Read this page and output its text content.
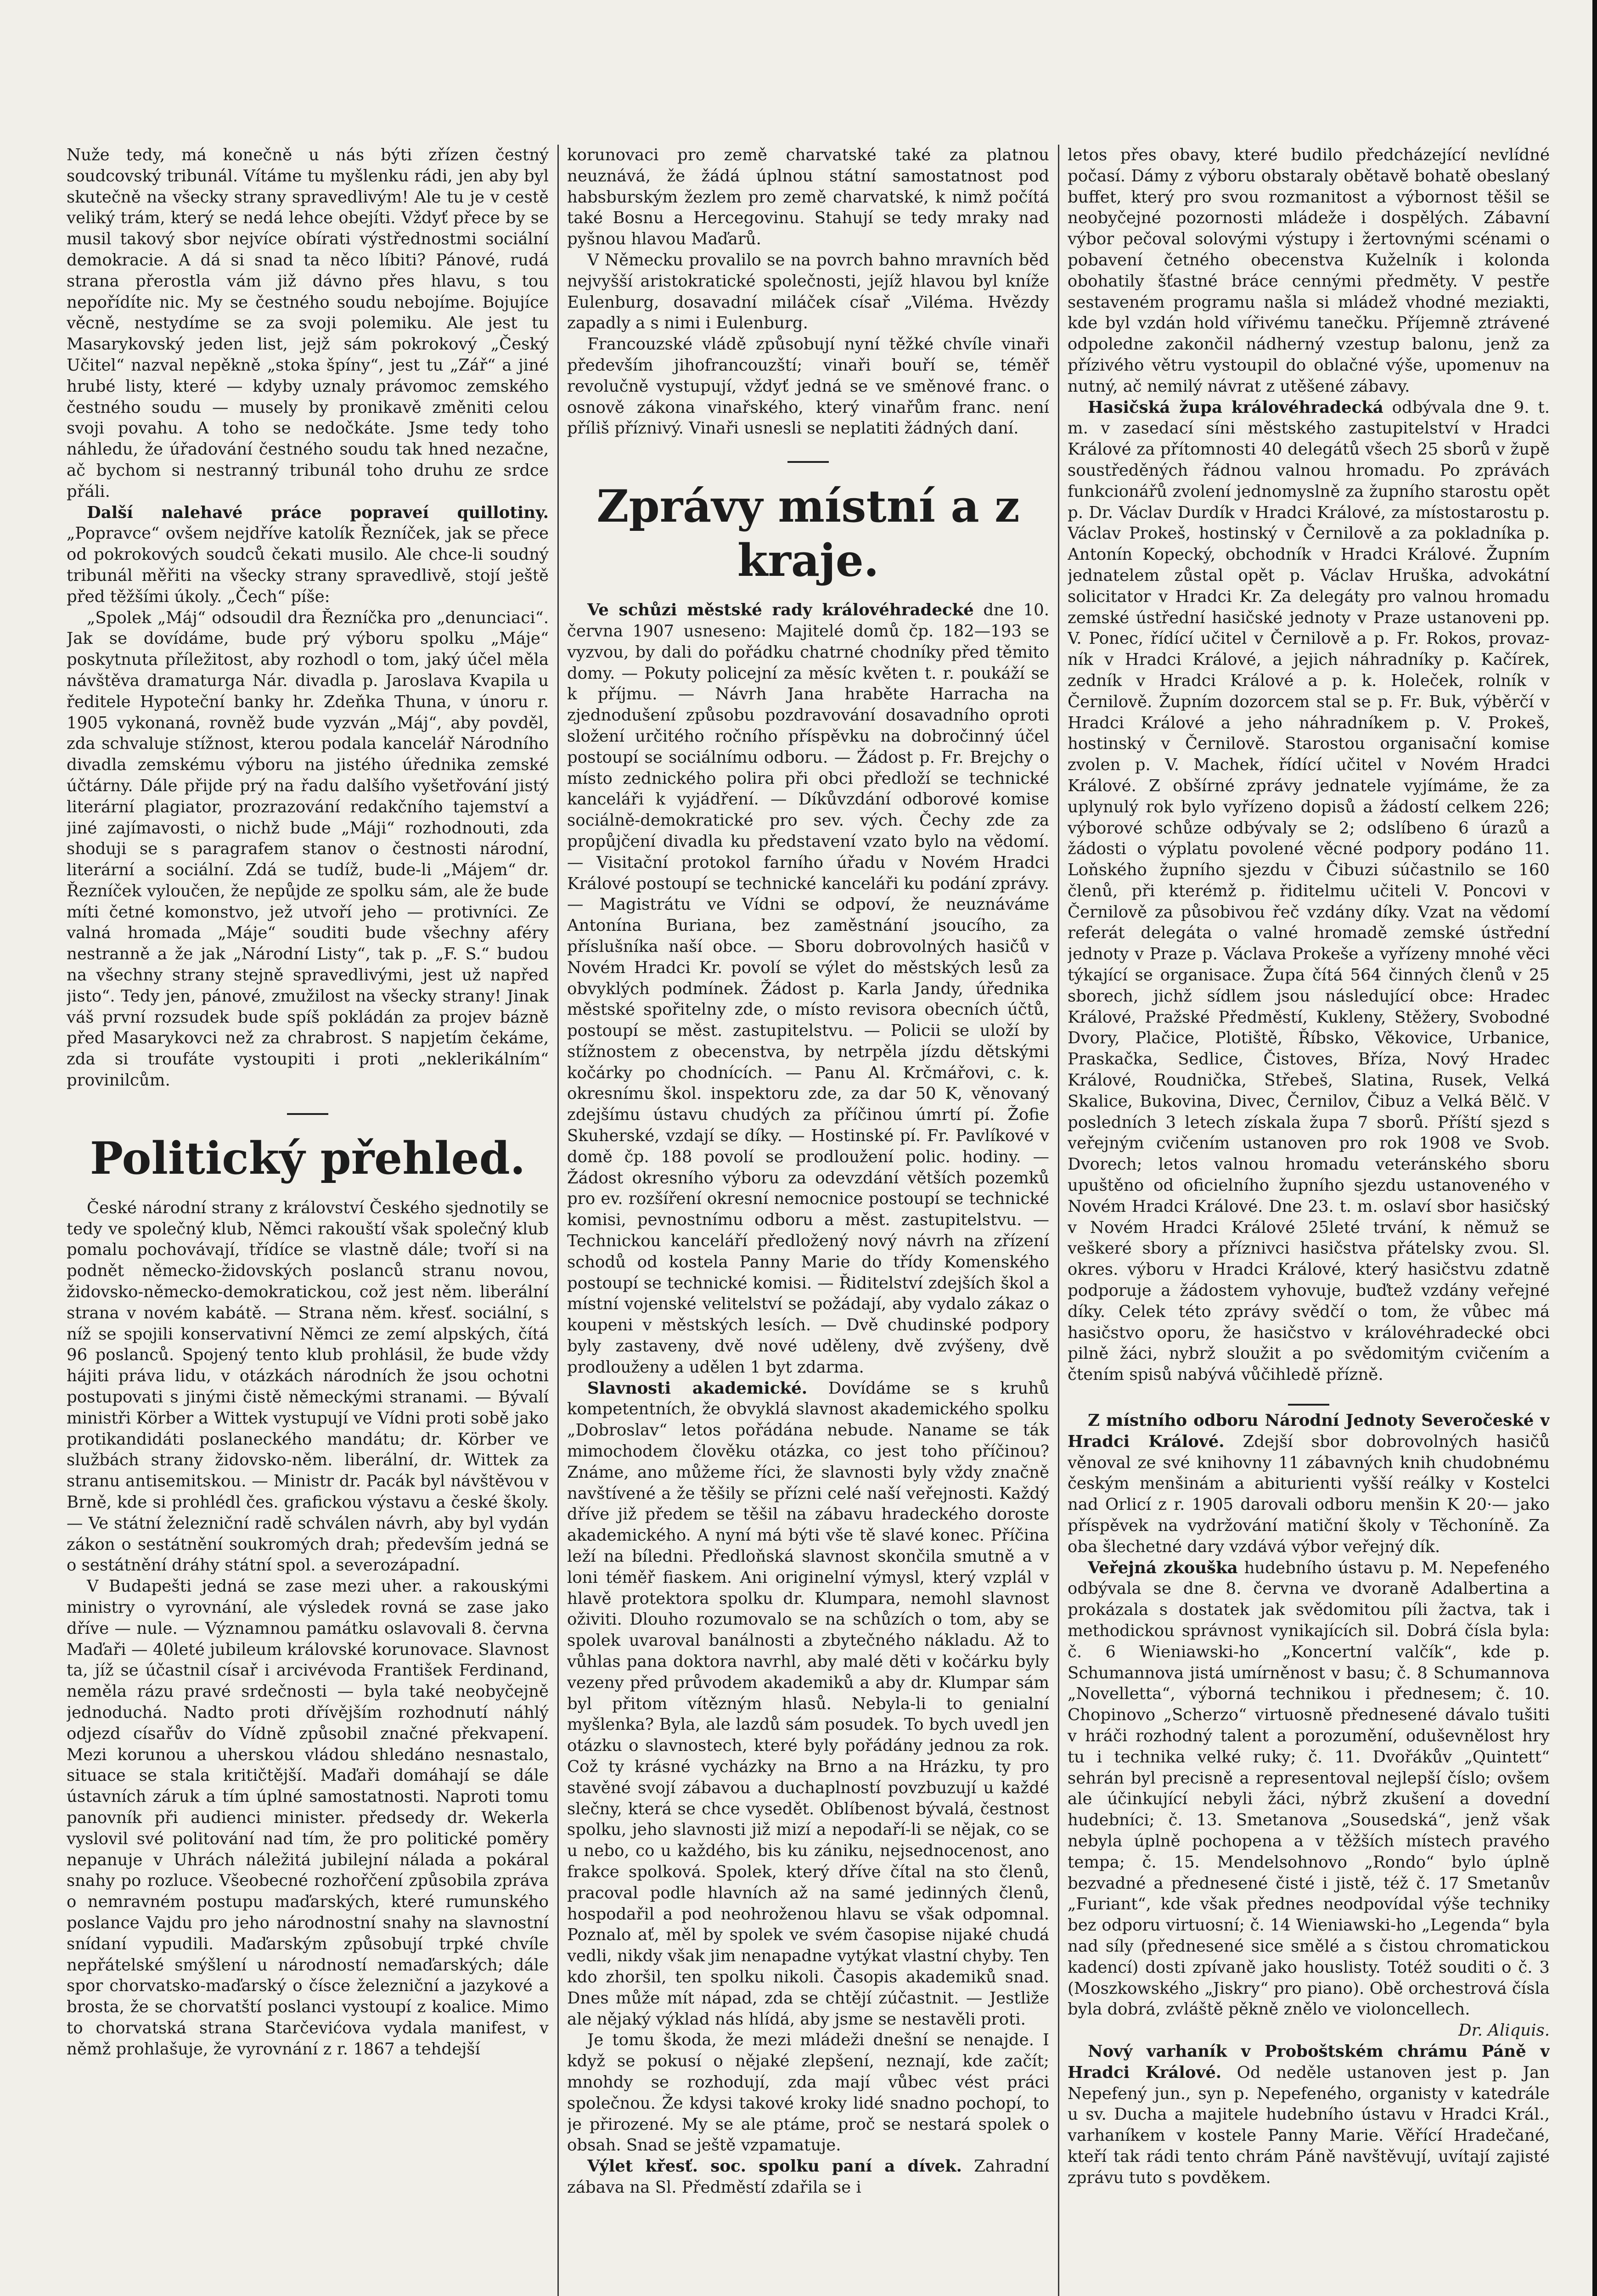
Nuže tedy, má konečně u nás býti zřízen čestný soudcovský tribunál. Vítáme tu myšlenku rádi, jen aby byl skutečně na všecky strany spravedlivým! Ale tu je v cestě veliký trám, který se nedá lehce obejíti. Vždyť přece by se musil takový sbor nejvíce obírati výstřednostmi sociální demokracie. A dá si snad ta něco líbiti? Pánové, rudá strana přerostla vám již dávno přes hlavu, s tou nepořídíte nic. My se čestného soudu nebojíme. Bojujíce věcně, nestydíme se za svoji polemiku. Ale jest tu Masarykovský jeden list, jejž sám pokrokový „Český Učitel“ nazval nepěkně „stoka špíny“, jest tu „Zář“ a jiné hrubé listy, které — kdyby uznaly právomoc zemského čestného soudu — musely by pronikavě změniti celou svoji povahu. A toho se nedočkáte. Jsme tedy toho náhledu, že úřadování čestného soudu tak hned nezačne, ač bychom si nestranný tribunál toho druhu ze srdce přáli.

Další nalehavé práce popraveí quillotiny. „Popravce“ ovšem nejdříve katolík Řezníček, jak se přece od pokrokových soudců čekati musilo. Ale chce-li soudný tribunál měřiti na všecky strany spravedlivě, stojí ještě před těžšími úkoly. „Čech“ píše:

„Spolek „Máj“ odsoudil dra Řezníčka pro „denunciaci“. Jak se dovídáme, bude prý výboru spolku „Máje“ poskytnuta příležitost, aby rozhodl o tom, jaký účel měla návštěva dramaturga Nár. divadla p. Jaroslava Kvapila u ředitele Hypoteční banky hr. Zdeňka Thuna, v únoru r. 1905 vykonaná, rovněž bude vyzván „Máj“, aby povděl, zda schvaluje stížnost, kterou podala kancelář Národního divadla zemskému výboru na jistého úřednika zemské účtárny. Dále přijde prý na řadu dalšího vyšetřování jistý literární plagiator, prozrazování redakčního tajemství a jiné zajímavosti, o nichž bude „Máji“ rozhodnouti, zda shoduji se s paragrafem stanov o čestnosti národní, literární a sociální. Zdá se tudíž, bude-li „Májem“ dr. Řezníček vyloučen, že nepůjde ze spolku sám, ale že bude míti četné komonstvo, jež utvoří jeho — protivníci. Ze valná hromada „Máje“ souditi bude všechny aféry nestranně a že jak „Národní Listy“, tak p. „F. S.“ budou na všechny strany stejně spravedlivými, jest už napřed jisto“. Tedy jen, pánové, zmužilost na všecky strany! Jinak váš první rozsudek bude spíš pokládán za projev bázně před Masarykovci než za chrabrost. S napjetím čekáme, zda si troufáte vystoupiti i proti „neklerikálním“ provinilcům.

Politický přehled.

České národní strany z království Českého sjednotily se tedy ve společný klub, Němci rakouští však společný klub pomalu pochovávají, třídíce se vlastně dále; tvoří si na podnět německo-židovských poslanců stranu novou, židovsko-německo-demokratickou, což jest něm. liberální strana v novém kabátě. — Strana něm. křesť. sociální, s níž se spojili konservativní Němci ze zemí alpských, čítá 96 poslanců. Spojený tento klub prohlásil, že bude vždy hájiti práva lidu, v otázkách národních že jsou ochotni postupovati s jinými čistě německými stranami. — Bývalí ministři Körber a Wittek vystupují ve Vídni proti sobě jako protikandidáti poslaneckého mandátu; dr. Körber ve službách strany židovsko-něm. liberální, dr. Wittek za stranu antisemitskou. — Ministr dr. Pacák byl návštěvou v Brně, kde si prohlédl čes. grafickou výstavu a české školy. — Ve státní železniční radě schválen návrh, aby byl vydán zákon o sestátnění soukromých drah; především jedná se o sestátnění dráhy státní spol. a severozápadní.

V Budapešti jedná se zase mezi uher. a rakouskými ministry o vyrovnání, ale výsledek rovná se zase jako dříve — nule. — Významnou památku oslavovali 8. června Maďaři — 40leté jubileum královské korunovace. Slavnost ta, jíž se účastnil císař i arcivévoda František Ferdinand, neměla rázu pravé srdečnosti — byla také neobyčejně jednoduchá. Nadto proti dřívějším rozhodnutí náhlý odjezd císařův do Vídně způsobil značné překvapení. Mezi korunou a uherskou vládou shledáno nesnastalo, situace se stala kritičtější. Maďaři domáhají se dále ústavních záruk a tím úplné samostatnosti. Naproti tomu panovník při audienci minister. předsedy dr. Wekerla vyslovil své politování nad tím, že pro politické poměry nepanuje v Uhrách náležitá jubilejní nálada a pokáral snahy po rozluce. Všeobecné rozhořčení způsobila zpráva o nemravném postupu maďarských, které rumunského poslance Vajdu pro jeho národnostní snahy na slavnostní snídaní vypudili. Maďarským způsobují trpké chvíle nepřátelské smýšlení u národností nemaďarských; dále spor chorvatsko-maďarský o čísce železniční a jazykové a brosta, že se chorvatští poslanci vystoupí z koalice. Mimo to chorvatská strana Starčevićova vydala manifest, v němž prohlašuje, že vyrovnání z r. 1867 a tehdejší

korunovaci pro země charvatské také za platnou neuznává, že žádá úplnou státní samostatnost pod habsburským žezlem pro země charvatské, k nimž počítá také Bosnu a Hercegovinu. Stahují se tedy mraky nad pyšnou hlavou Maďarů.

V Německu provalilo se na povrch bahno mravních běd nejvyšší aristokratické společnosti, jejíž hlavou byl kníže Eulenburg, dosavadní miláček císař „Viléma. Hvězdy zapadly a s nimi i Eulenburg.

Francouzské vládě způsobují nyní těžké chvíle vinaři především jihofrancouzští; vinaři bouří se, téměř revolučně vystupují, vždyť jedná se ve směnové franc. o osnově zákona vinařského, který vinařům franc. není příliš příznivý. Vinaři usnesli se neplatiti žádných daní.

Zprávy místní a z kraje.

Ve schůzi městské rady královéhradecké dne 10. června 1907 usneseno: Majitelé domů čp. 182—193 se vyzvou, by dali do pořádku chatrné chodníky před těmito domy. — Pokuty policejní za měsíc květen t. r. poukáží se k příjmu. — Návrh Jana hraběte Harracha na zjednodušení způsobu pozdravování dosavadního oproti složení určitého ročního příspěvku na dobročinný účel postoupí se sociálnímu odboru. — Žádost p. Fr. Brejchy o místo zednického polira při obci předloží se technické kanceláři k vyjádření. — Díkůvzdání odborové komise sociálně-demokratické pro sev. vých. Čechy zde za propůjčení divadla ku představení vzato bylo na vědomí. — Visitační protokol farního úřadu v Novém Hradci Králové postoupí se technické kanceláři ku podání zprávy. — Magistrátu ve Vídni se odpoví, že neuznáváme Antonína Buriana, bez zaměstnání jsoucího, za příslušníka naší obce. — Sboru dobrovolných hasičů v Novém Hradci Kr. povolí se výlet do městských lesů za obvyklých podmínek. Žádost p. Karla Jandy, úřednika městské spořitelny zde, o místo revisora obecních účtů, postoupí se měst. zastupitelstvu. — Policii se uloží by stížnostem z obecenstva, by netrpěla jízdu dětskými kočárky po chodnících. — Panu Al. Krčmářovi, c. k. okresnímu škol. inspektoru zde, za dar 50 K, věnovaný zdejšímu ústavu chudých za příčinou úmrtí pí. Žofie Skuherské, vzdají se díky. — Hostinské pí. Fr. Pavlíkové v domě čp. 188 povolí se prodloužení polic. hodiny. — Žádost okresního výboru za odevzdání větších pozemků pro ev. rozšíření okresní nemocnice postoupí se technické komisi, pevnostnímu odboru a měst. zastupitelstvu. — Technickou kanceláří předložený nový návrh na zřízení schodů od kostela Panny Marie do třídy Komenského postoupí se technické komisi. — Řiditelství zdejších škol a místní vojenské velitelství se požádají, aby vydalo zákaz o koupeni v městských lesích. — Dvě chudinské podpory byly zastaveny, dvě nové uděleny, dvě zvýšeny, dvě prodlouženy a udělen 1 byt zdarma.

Slavnosti akademické. Dovídáme se s kruhů kompetentních, že obvyklá slavnost akademického spolku „Dobroslav“ letos pořádána nebude. Naname se ták mimochodem člověku otázka, co jest toho příčinou? Známe, ano můžeme říci, že slavnosti byly vždy značně navštívené a že těšily se přízni celé naší veřejnosti. Každý dříve již předem se těšil na zábavu hradeckého doroste akademického. A nyní má býti vše tě slavé konec. Příčina leží na bíledni. Předloňská slavnost skončila smutně a v loni téměř fiaskem. Ani originelní výmysl, který vzplál v hlavě protektora spolku dr. Klumpara, nemohl slavnost oživiti. Dlouho rozumovalo se na schůzích o tom, aby se spolek uvaroval banálnosti a zbytečného nákladu. Až to vůhlas pana doktora navrhl, aby malé děti v kočárku byly vezeny před průvodem akademiků a aby dr. Klumpar sám byl přitom vítězným hlasů. Nebyla-li to genialní myšlenka? Byla, ale lazdů sám posudek. To bych uvedl jen otázku o slavnostech, které byly pořádány jednou za rok. Což ty krásné vycházky na Brno a na Hrázku, ty pro stavěné svojí zábavou a duchaplností povzbuzují u každé slečny, která se chce vysedět. Oblíbenost bývalá, čestnost spolku, jeho slavnosti již mizí a nepodaří-li se nějak, co se u nebo, co u každého, bis ku zániku, nejsednocenost, ano frakce spolková. Spolek, který dříve čítal na sto členů, pracoval podle hlavních až na samé jedinných členů, hospodařil a pod neohroženou hlavu se však odpomnal. Poznalo ať, měl by spolek ve svém časopise nijaké chudá vedli, nikdy však jim nenapadne vytýkat vlastní chyby. Ten kdo zhoršil, ten spolku nikoli. Časopis akademiků snad. Dnes může mít nápad, zda se chtějí zúčastnit. — Jestliže ale nějaký výklad nás hlídá, aby jsme se nestavěli proti.

Je tomu škoda, že mezi mládeži dnešní se nenajde. I když se pokusí o nějaké zlepšení, neznají, kde začít; mnohdy se rozhodují, zda mají vůbec vést práci společnou. Že kdysi takové kroky lidé snadno pochopí, to je přirozené. My se ale ptáme, proč se nestará spolek o obsah. Snad se ještě vzpamatuje.

Výlet křesť. soc. spolku paní a dívek. Zahradní zábava na Sl. Předměstí zdařila se i

letos přes obavy, které budilo předcházející nevlídné počasí. Dámy z výboru obstaraly obětavě bohatě obeslaný buffet, který pro svou rozmanitost a výbornost těšil se neobyčejné pozornosti mládeže i dospělých. Zábavní výbor pečoval solovými výstupy i žertovnými scénami o pobavení četného obecenstva Kuželník i kolonda obohatily šťastné bráce cennými předměty. V pestře sestaveném programu našla si mládež vhodné meziakti, kde byl vzdán hold vířivému tanečku. Příjemně ztrávené odpoledne zakončil nádherný vzestup balonu, jenž za přízivého větru vystoupil do oblačné výše, upomenuv na nutný, ač nemilý návrat z utěšené zábavy.

Hasičská župa královéhradecká odbývala dne 9. t. m. v zasedací síni městského zastupitelství v Hradci Králové za přítomnosti 40 delegátů všech 25 sborů v župě soustředěných řádnou valnou hromadu. Po zprávách funkcionářů zvolení jednomyslně za župního starostu opět p. Dr. Václav Durdík v Hradci Králové, za místostarostu p. Václav Prokeš, hostinský v Černilově a za pokladníka p. Antonín Kopecký, obchodník v Hradci Králové. Župním jednatelem zůstal opět p. Václav Hruška, advokátní solicitator v Hradci Kr. Za delegáty pro valnou hromadu zemské ústřední hasičské jednoty v Praze ustanoveni pp. V. Ponec, řídící učitel v Černilově a p. Fr. Rokos, provazník v Hradci Králové, a jejich náhradníky p. Kačírek, zedník v Hradci Králové a p. k. Holeček, rolník v Černilově. Župním dozorcem stal se p. Fr. Buk, výběrčí v Hradci Králové a jeho náhradníkem p. V. Prokeš, hostinský v Černilově. Starostou organisační komise zvolen p. V. Machek, řídící učitel v Novém Hradci Králové. Z obšírné zprávy jednatele vyjímáme, že za uplynulý rok bylo vyřízeno dopisů a žádostí celkem 226; výborové schůze odbývaly se 2; odslíbeno 6 úrazů a žádosti o výplatu povolené věcné podpory podáno 11. Loňského župního sjezdu v Čibuzi súčastnilo se 160 členů, při kterémž p. řiditelmu učiteli V. Poncovi v Černilově za působivou řeč vzdány díky. Vzat na vědomí referát delegáta o valné hromadě zemské ústřední jednoty v Praze p. Václava Prokeše a vyřízeny mnohé věci týkající se organisace. Župa čítá 564 činných členů v 25 sborech, jichž sídlem jsou následující obce: Hradec Králové, Pražské Předměstí, Kukleny, Stěžery, Svobodné Dvory, Plačice, Plotiště, Říbsko, Věkovice, Urbanice, Praskačka, Sedlice, Čistoves, Bříza, Nový Hradec Králové, Roudnička, Střebeš, Slatina, Rusek, Velká Skalice, Bukovina, Divec, Černilov, Čibuz a Velká Bělč. V posledních 3 letech získala župa 7 sborů. Příští sjezd s veřejným cvičením ustanoven pro rok 1908 ve Svob. Dvorech; letos valnou hromadu veteránského sboru upuštěno od oficielního župního sjezdu ustanoveného v Novém Hradci Králové. Dne 23. t. m. oslaví sbor hasičský v Novém Hradci Králové 25leté trvání, k němuž se veškeré sbory a příznivci hasičstva přátelsky zvou. Sl. okres. výboru v Hradci Králové, který hasičstvu zdatně podporuje a žádostem vyhovuje, buďtež vzdány veřejné díky. Celek této zprávy svědčí o tom, že vůbec má hasičstvo oporu, že hasičstvo v královéhradecké obci pilně žáci, nybrž sloužit a po svědomitým cvičením a čtením spisů nabývá vůčihledě přízně.

Z místního odboru Národní Jednoty Severočeské v Hradci Králové. Zdejší sbor dobrovolných hasičů věnoval ze své knihovny 11 zábavných knih chudobnému českým menšinám a abiturienti vyšší reálky v Kostelci nad Orlicí z r. 1905 darovali odboru menšin K 20·— jako příspěvek na vydržování matiční školy v Těchoníně. Za oba šlechetné dary vzdává výbor veřejný dík.

Veřejná zkouška hudebního ústavu p. M. Nepefeného odbývala se dne 8. června ve dvoraně Adalbertina a prokázala s dostatek jak svědomitou píli žactva, tak i methodickou správnost vynikajících sil. Dobrá čísla byla: č. 6 Wieniawski-ho „Koncertní valčík“, kde p. Schumannova jistá umírněnost v basu; č. 8 Schumannova „Novelletta“, výborná technikou i přednesem; č. 10. Chopinovo „Scherzo“ virtuosně přednesené dávalo tušiti v hráči rozhodný talent a porozumění, oduševnělost hry tu i technika velké ruky; č. 11. Dvořákův „Quintett“ sehrán byl precisně a representoval nejlepší číslo; ovšem ale účinkující nebyli žáci, nýbrž zkušení a dovední hudebníci; č. 13. Smetanova „Sousedská“, jenž však nebyla úplně pochopena a v těžších místech pravého tempa; č. 15. Mendelsohnovo „Rondo“ bylo úplně bezvadné a přednesené čisté i jistě, též č. 17 Smetanův „Furiant“, kde však přednes neodpovídal výše techniky bez odporu virtuosní; č. 14 Wieniawski-ho „Legenda“ byla nad síly (přednesené sice smělé a s čistou chromatickou kadencí) dosti zpívaně jako houslisty. Totéž souditi o č. 3 (Moszkowského „Jiskry“ pro piano). Obě orchestrová čísla byla dobrá, zvláště pěkně znělo ve violoncellech.

Dr. Aliquis.

Nový varhaník v Proboštském chrámu Páně v Hradci Králové. Od neděle ustanoven jest p. Jan Nepefený jun., syn p. Nepefeného, organisty v katedrále u sv. Ducha a majitele hudebního ústavu v Hradci Král., varhaníkem v kostele Panny Marie. Věřící Hradečané, kteří tak rádi tento chrám Páně navštěvují, uvítají zajisté zprávu tuto s povděkem.
